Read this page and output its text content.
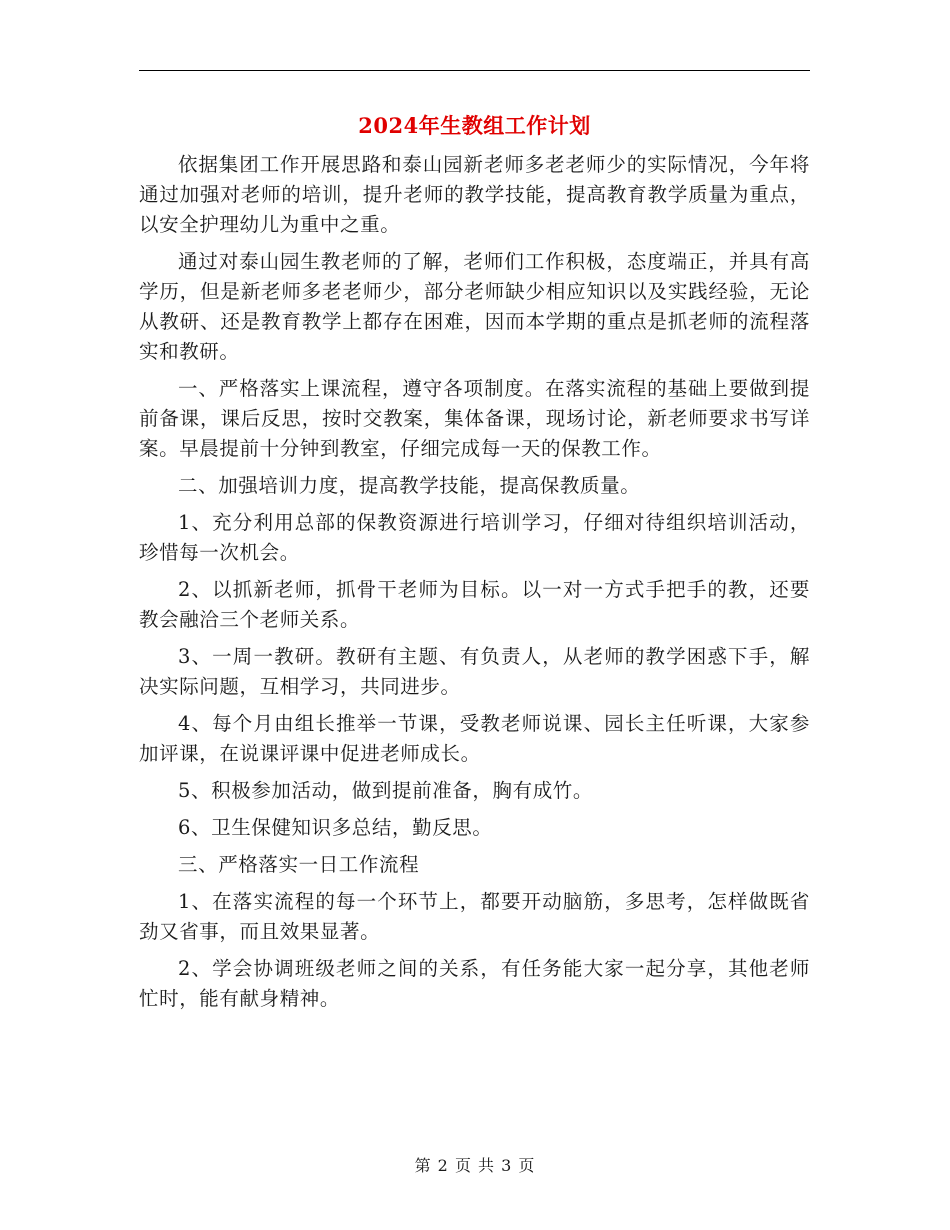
2024年生教组工作计划

依据集团工作开展思路和泰山园新老师多老老师少的实际情况，今年将通过加强对老师的培训，提升老师的教学技能，提高教育教学质量为重点，以安全护理幼儿为重中之重。

通过对泰山园生教老师的了解，老师们工作积极，态度端正，并具有高学历，但是新老师多老老师少，部分老师缺少相应知识以及实践经验，无论从教研、还是教育教学上都存在困难，因而本学期的重点是抓老师的流程落实和教研。

一、严格落实上课流程，遵守各项制度。在落实流程的基础上要做到提前备课，课后反思，按时交教案，集体备课，现场讨论，新老师要求书写详案。早晨提前十分钟到教室，仔细完成每一天的保教工作。

二、加强培训力度，提高教学技能，提高保教质量。

1、充分利用总部的保教资源进行培训学习，仔细对待组织培训活动，珍惜每一次机会。

2、以抓新老师，抓骨干老师为目标。以一对一方式手把手的教，还要教会融洽三个老师关系。

3、一周一教研。教研有主题、有负责人，从老师的教学困惑下手，解决实际问题，互相学习，共同进步。

4、每个月由组长推举一节课，受教老师说课、园长主任听课，大家参加评课，在说课评课中促进老师成长。

5、积极参加活动，做到提前准备，胸有成竹。

6、卫生保健知识多总结，勤反思。

三、严格落实一日工作流程

1、在落实流程的每一个环节上，都要开动脑筋，多思考，怎样做既省劲又省事，而且效果显著。

2、学会协调班级老师之间的关系，有任务能大家一起分享，其他老师忙时，能有献身精神。

第 2 页 共 3 页
